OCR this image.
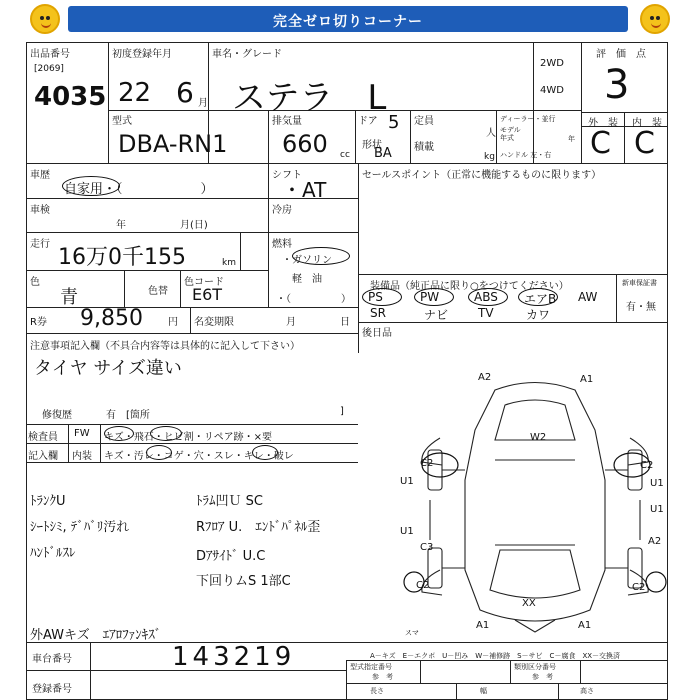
完全ゼロ切りコーナー
出品番号
[2069]
4035
初度登録年月
22 6 月
車名・グレード
ステラ　L
2WD
4WD
評　価　点
3
外　装 内　装
C C
型式
DBA-RN1
排気量
660 cc
ドア 5
形状
BA
定員
人
積載
kg
ディーラー・並行
モデル
年式	年
ハンドル 左・右
車歴
自家用・（　　　　　　）
シフト
・AT
セールスポイント（正常に機能するものに限ります）
車検
年	月(日)
冷房
走行
16万0千155	km
燃料
・ガソリン
軽　油
・（　　　　　）
色
青	色替
色コード
E6T	装備品（純正品に限り○をつけてください）	新車保証書
有・無
PS	PW	ABS エアB AW
SR	ナビ TV	カワ
R券 9,850	円 名変期限	月	日
後日品
注意事項記入欄（不具合内容等は具体的に記入して下さい）
タイヤ サイズ違い
修復歴	有　[箇所	]
検査員 FW キズ・飛石・ヒビ割・リペア跡・×要
記入欄 内装 キズ・汚レ・コゲ・穴・スレ・キレ・破レ
ﾄﾗﾝｸU
ｼｰﾄｼﾐ, ﾃﾞﾊﾞﾘ汚れ
ﾊﾝﾄﾞﾙｽﾚ
ﾄﾗﾑ凹Ｕ SC
Rﾌﾛｱ U.　ｴﾝﾄﾞﾊﾟﾈﾙ歪
Dｱｻｲﾄﾞ U.C
下回りムS 1部C
外AWキズ　ｴｱﾛﾌｧﾝｷｽﾞ
A2	A1
W2
C2
U1	U1
C2
U1
A2
U1
C3
C2	C2
XX
A1	A1
スマ
A－キズ　E－エクボ　U－凹み　W－補修跡　S－サビ　C－腐食　XX－交換済
車台番号	143219
登録番号
型式指定番号
参　考
類別区分番号
参　考
長さ	幅	高さ
